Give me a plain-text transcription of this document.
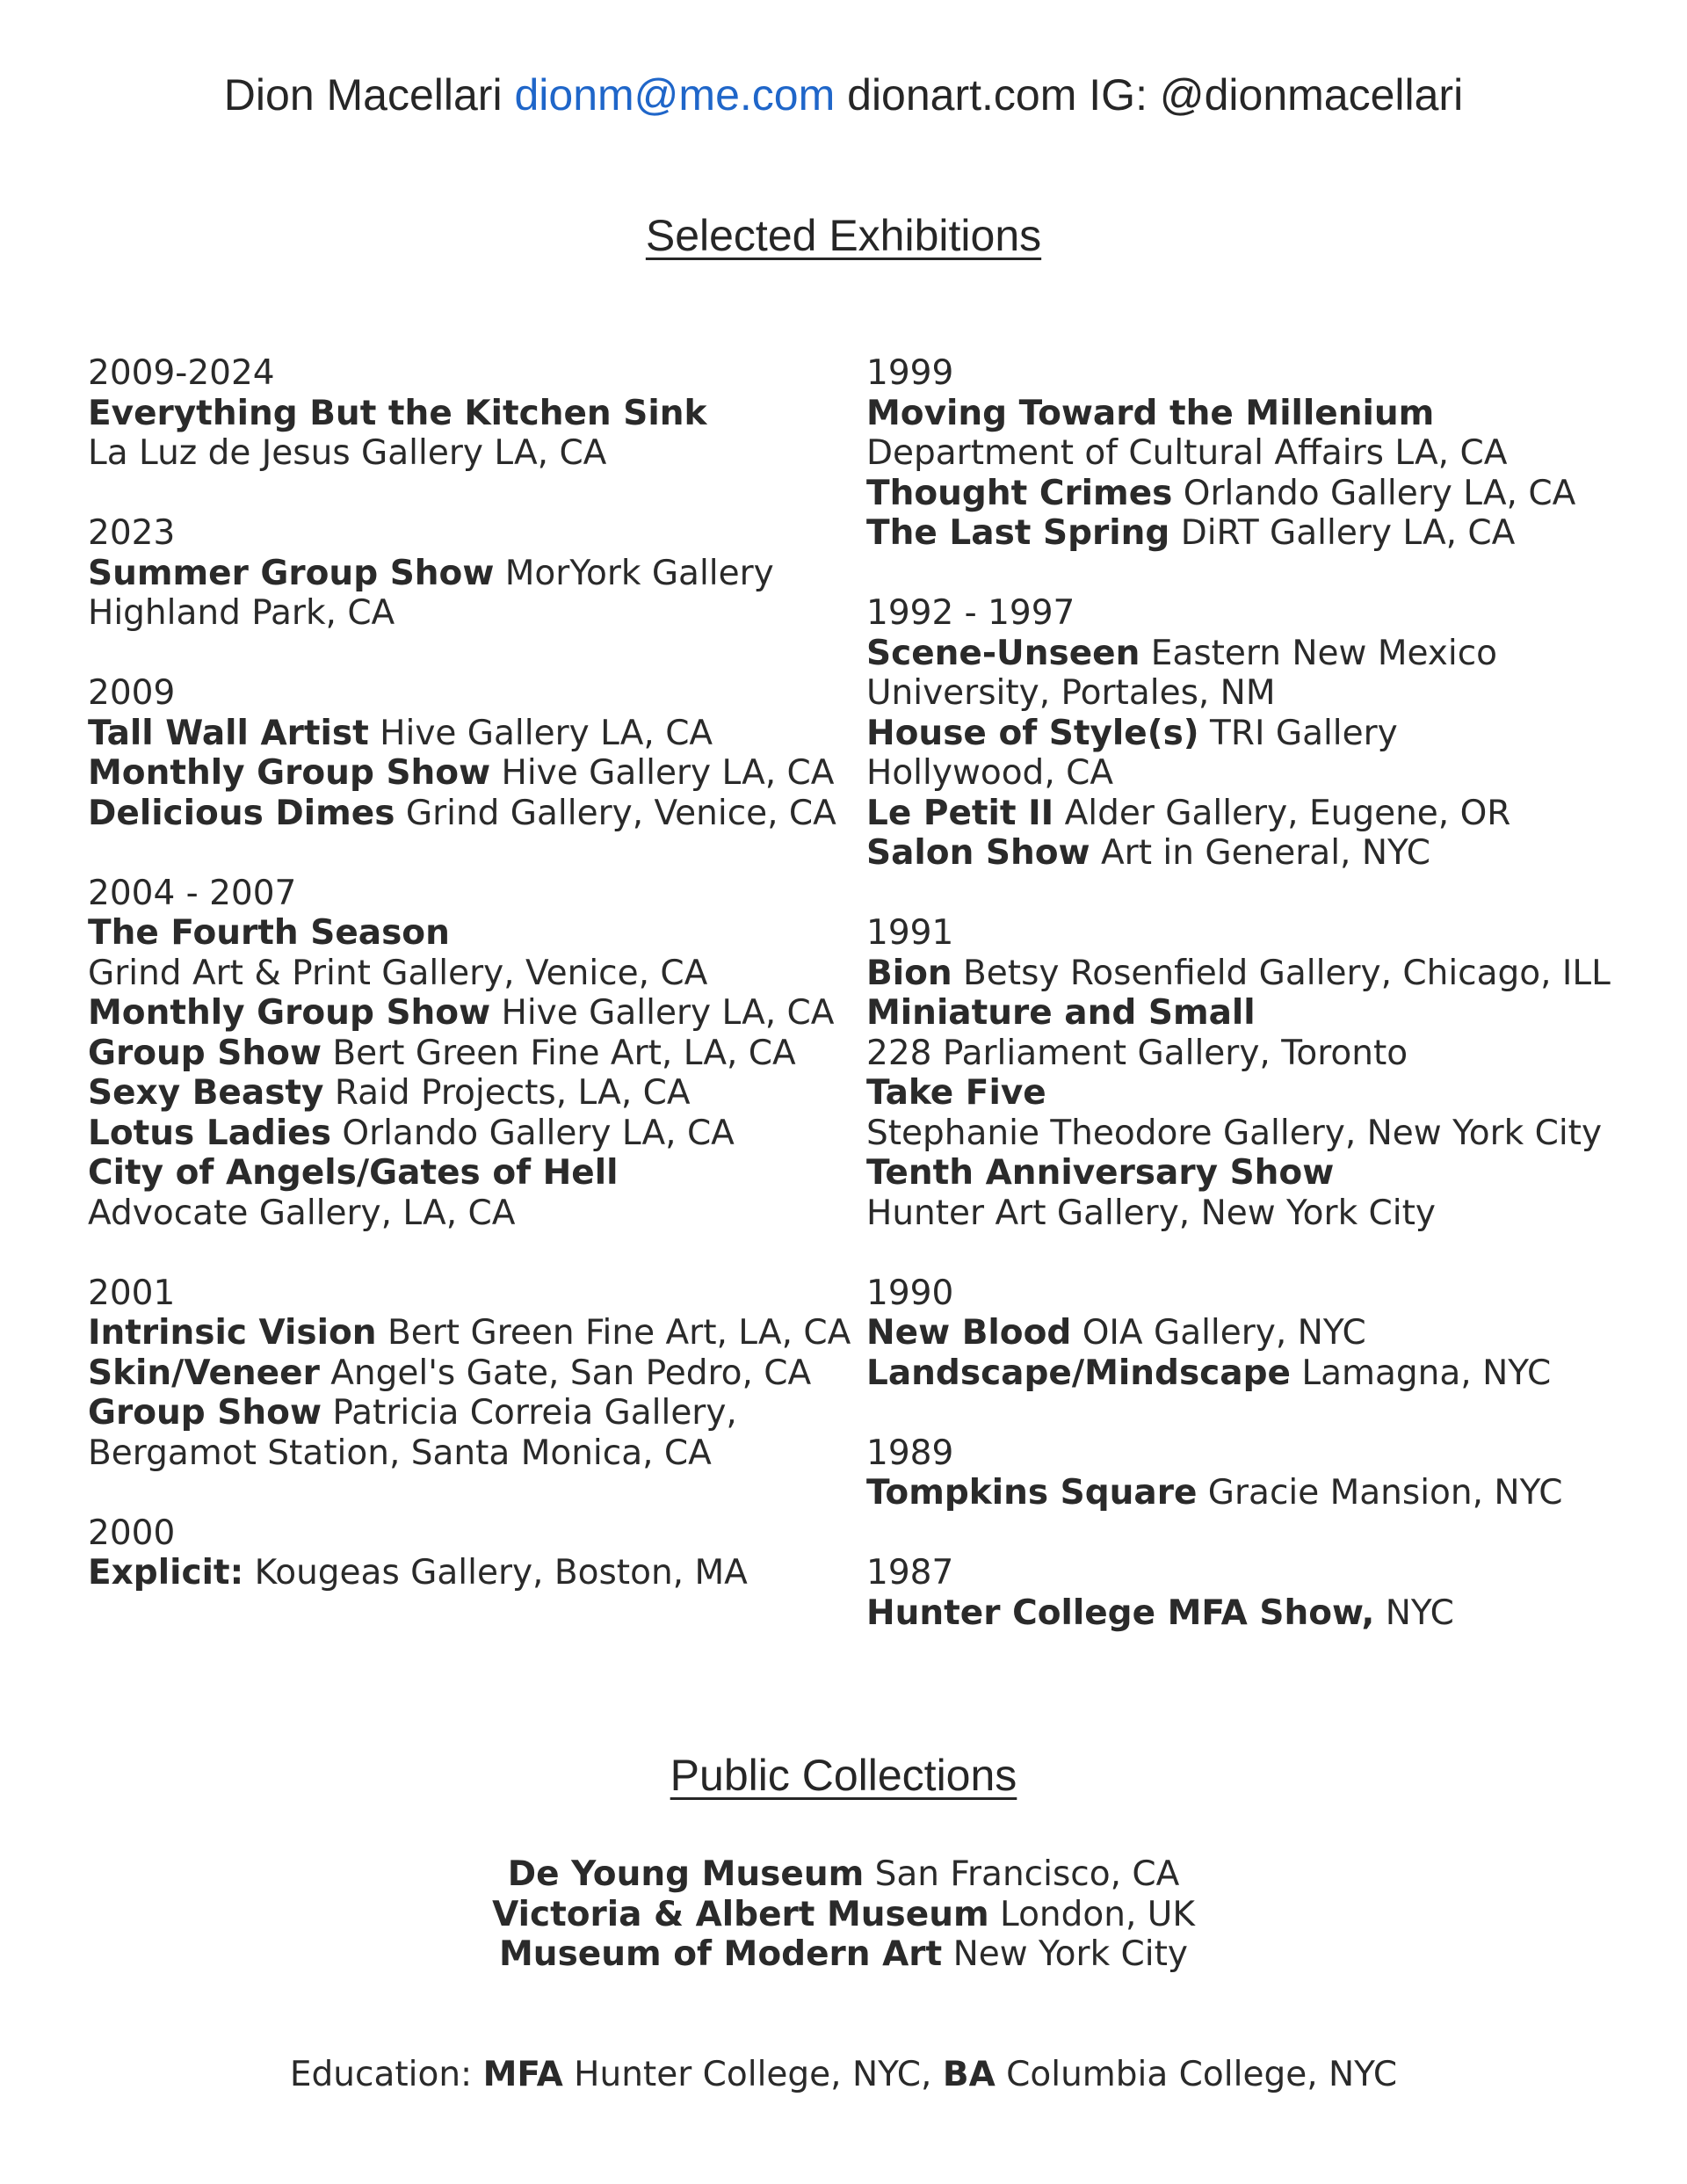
Dion Macellari dionm@me.com dionart.com IG: @dionmacellari
Selected Exhibitions
2009-2024
Everything But the Kitchen Sink
La Luz de Jesus Gallery LA, CA
2023
Summer Group Show MorYork Gallery
Highland Park, CA
2009
Tall Wall Artist Hive Gallery LA, CA
Monthly Group Show Hive Gallery LA, CA
Delicious Dimes Grind Gallery, Venice, CA
2004 - 2007
The Fourth Season
Grind Art & Print Gallery, Venice, CA
Monthly Group Show Hive Gallery LA, CA
Group Show Bert Green Fine Art, LA, CA
Sexy Beasty Raid Projects, LA, CA
Lotus Ladies Orlando Gallery LA, CA
City of Angels/Gates of Hell
Advocate Gallery, LA, CA
2001
Intrinsic Vision Bert Green Fine Art, LA, CA
Skin/Veneer Angel's Gate, San Pedro, CA
Group Show Patricia Correia Gallery,
Bergamot Station, Santa Monica, CA
2000
Explicit: Kougeas Gallery, Boston, MA
1999
Moving Toward the Millenium
Department of Cultural Affairs LA, CA
Thought Crimes Orlando Gallery LA, CA
The Last Spring DiRT Gallery LA, CA
1992 - 1997
Scene-Unseen Eastern New Mexico
University, Portales, NM
House of Style(s) TRI Gallery
Hollywood, CA
Le Petit II Alder Gallery, Eugene, OR
Salon Show Art in General, NYC
1991
Bion Betsy Rosenfield Gallery, Chicago, ILL
Miniature and Small
228 Parliament Gallery, Toronto
Take Five
Stephanie Theodore Gallery, New York City
Tenth Anniversary Show
Hunter Art Gallery, New York City
1990
New Blood OIA Gallery, NYC
Landscape/Mindscape Lamagna, NYC
1989
Tompkins Square Gracie Mansion, NYC
1987
Hunter College MFA Show, NYC
Public Collections
De Young Museum San Francisco, CA
Victoria & Albert Museum London, UK
Museum of Modern Art New York City
Education: MFA Hunter College, NYC, BA Columbia College, NYC
